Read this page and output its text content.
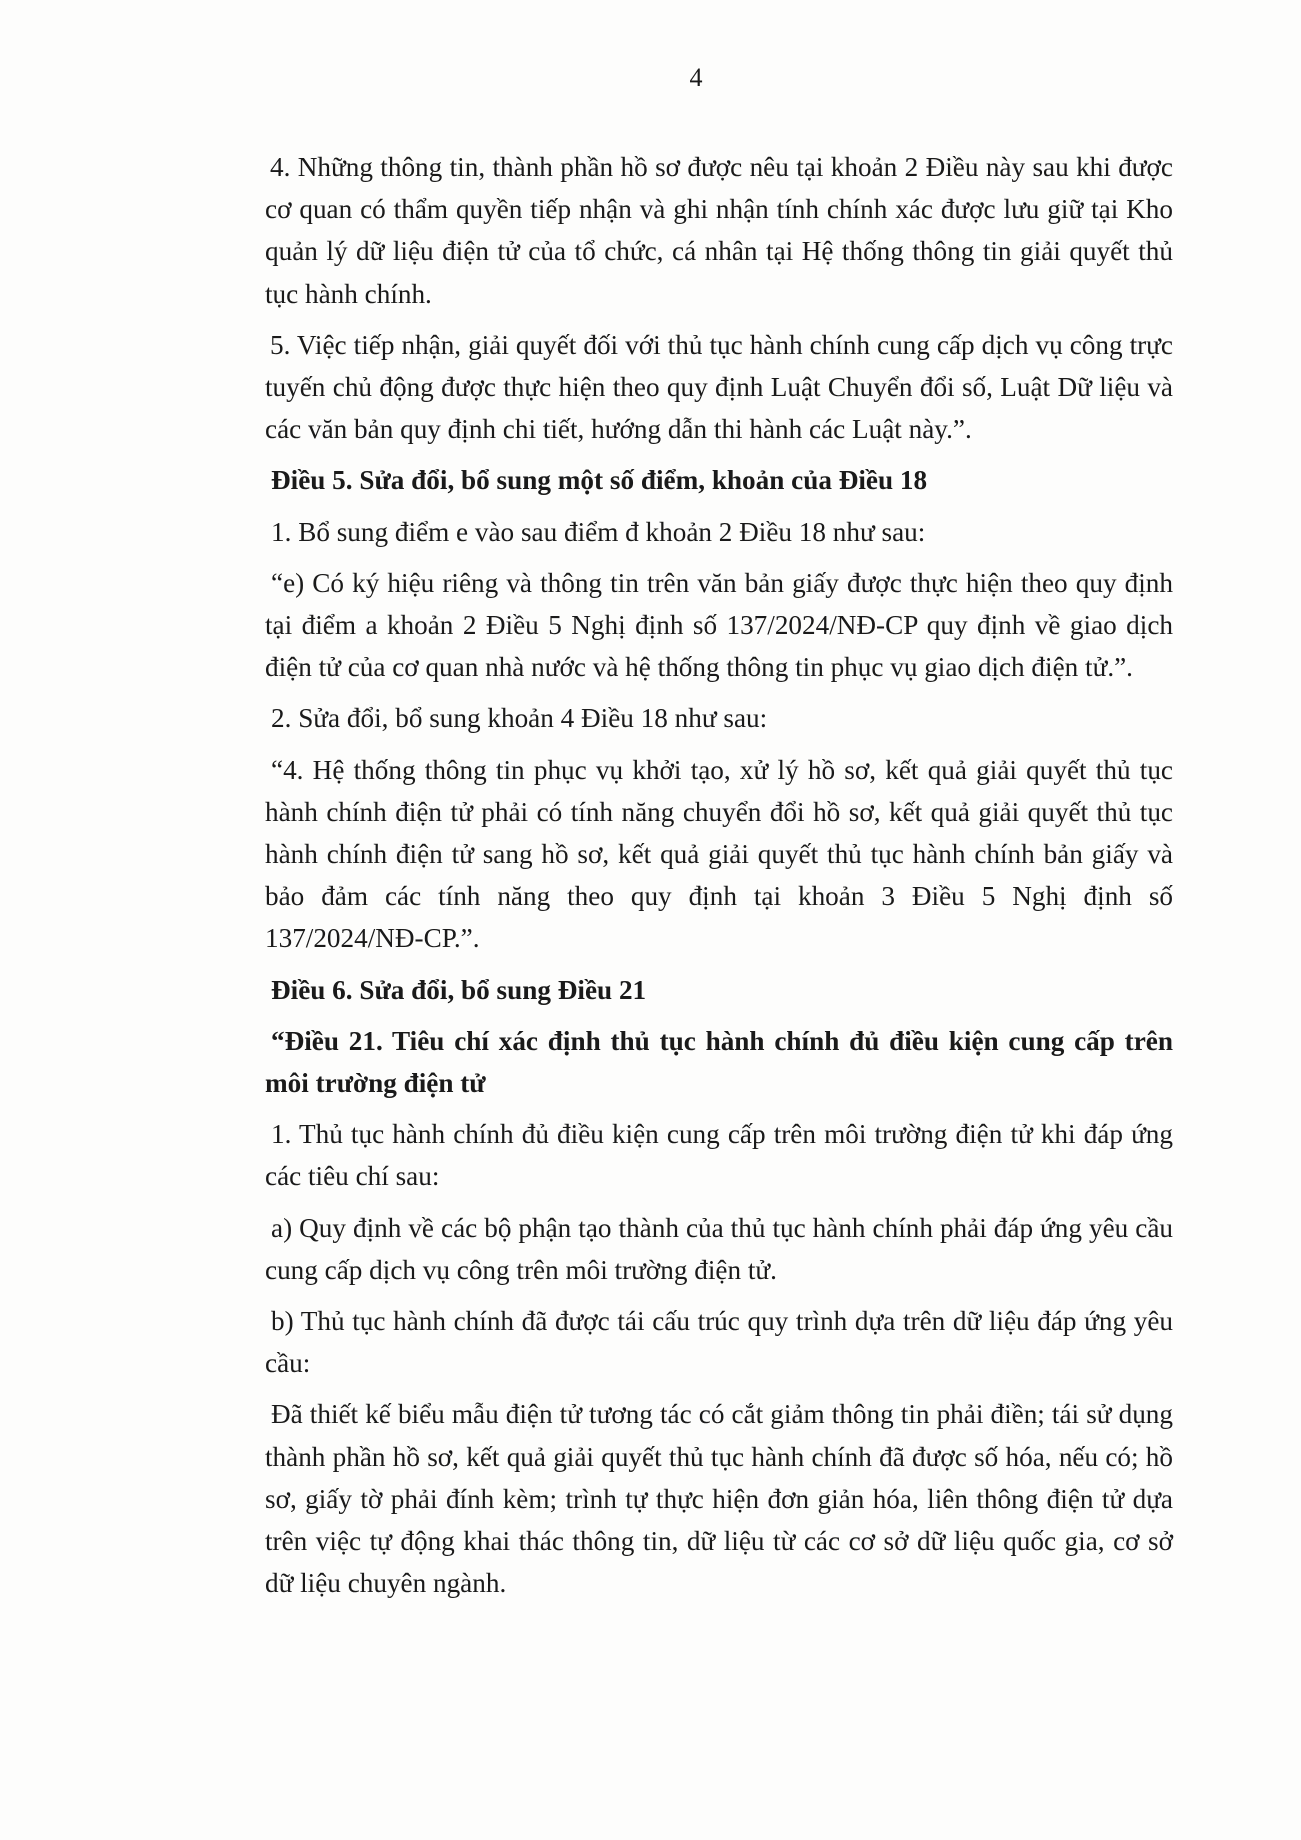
4

4. Những thông tin, thành phần hồ sơ được nêu tại khoản 2 Điều này sau khi được cơ quan có thẩm quyền tiếp nhận và ghi nhận tính chính xác được lưu giữ tại Kho quản lý dữ liệu điện tử của tổ chức, cá nhân tại Hệ thống thông tin giải quyết thủ tục hành chính.

5. Việc tiếp nhận, giải quyết đối với thủ tục hành chính cung cấp dịch vụ công trực tuyến chủ động được thực hiện theo quy định Luật Chuyển đổi số, Luật Dữ liệu và các văn bản quy định chi tiết, hướng dẫn thi hành các Luật này.”.

Điều 5. Sửa đổi, bổ sung một số điểm, khoản của Điều 18

1. Bổ sung điểm e vào sau điểm đ khoản 2 Điều 18 như sau:

“e) Có ký hiệu riêng và thông tin trên văn bản giấy được thực hiện theo quy định tại điểm a khoản 2 Điều 5 Nghị định số 137/2024/NĐ-CP quy định về giao dịch điện tử của cơ quan nhà nước và hệ thống thông tin phục vụ giao dịch điện tử.”.

2. Sửa đổi, bổ sung khoản 4 Điều 18 như sau:

“4. Hệ thống thông tin phục vụ khởi tạo, xử lý hồ sơ, kết quả giải quyết thủ tục hành chính điện tử phải có tính năng chuyển đổi hồ sơ, kết quả giải quyết thủ tục hành chính điện tử sang hồ sơ, kết quả giải quyết thủ tục hành chính bản giấy và bảo đảm các tính năng theo quy định tại khoản 3 Điều 5 Nghị định số 137/2024/NĐ-CP.”.

Điều 6. Sửa đổi, bổ sung Điều 21

“Điều 21. Tiêu chí xác định thủ tục hành chính đủ điều kiện cung cấp trên môi trường điện tử

1. Thủ tục hành chính đủ điều kiện cung cấp trên môi trường điện tử khi đáp ứng các tiêu chí sau:

a) Quy định về các bộ phận tạo thành của thủ tục hành chính phải đáp ứng yêu cầu cung cấp dịch vụ công trên môi trường điện tử.

b) Thủ tục hành chính đã được tái cấu trúc quy trình dựa trên dữ liệu đáp ứng yêu cầu:

Đã thiết kế biểu mẫu điện tử tương tác có cắt giảm thông tin phải điền; tái sử dụng thành phần hồ sơ, kết quả giải quyết thủ tục hành chính đã được số hóa, nếu có; hồ sơ, giấy tờ phải đính kèm; trình tự thực hiện đơn giản hóa, liên thông điện tử dựa trên việc tự động khai thác thông tin, dữ liệu từ các cơ sở dữ liệu quốc gia, cơ sở dữ liệu chuyên ngành.
